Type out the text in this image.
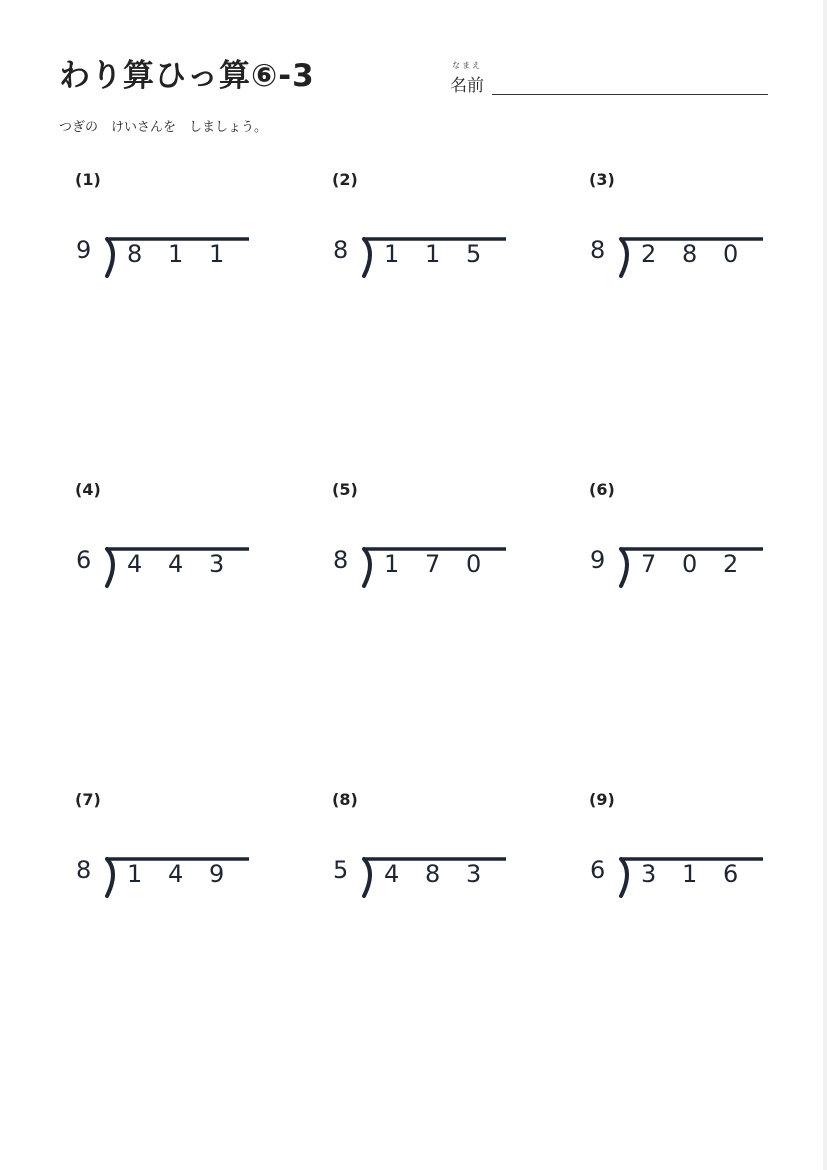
わり算ひっ算⑥-3	なまえ
名前
つぎの　けいさんを　しましょう。
(1)
9 8	1	1
(2)
8 1	1	5
(3)
8 2	8	0
(4)
6 4	4	3
(5)
8 1	7	0
(6)
9 7	0	2
(7)
8 1	4	9
(8)
5 4	8	3
(9)
6 3	1	6
